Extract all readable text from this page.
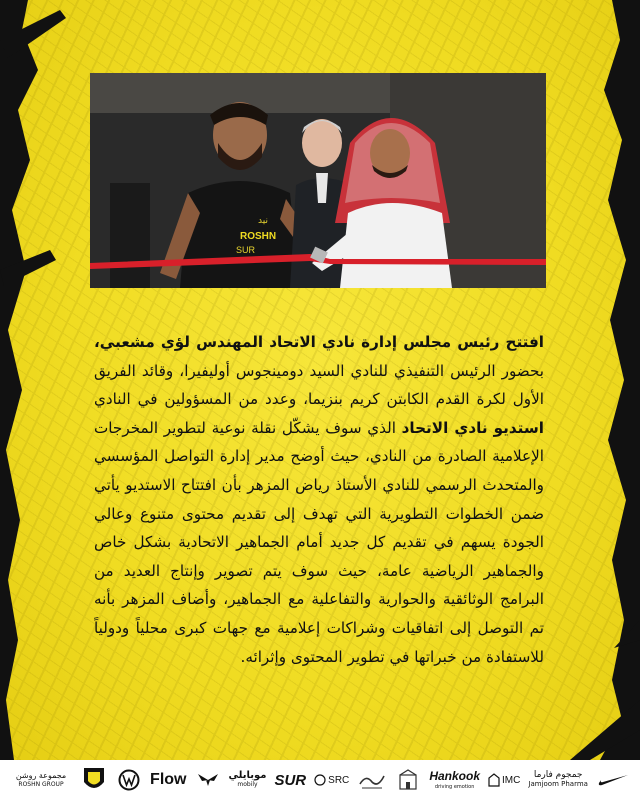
نيد
ROSHN
SUR
افتتح رئيس مجلس إدارة نادي الاتحاد المهندس لؤي مشعبي، بحضور الرئيس التنفيذي للنادي السيد دومينجوس أوليفيرا، وقائد الفريق الأول لكرة القدم الكابتن كريم بنزيما، وعدد من المسؤولين في النادي استديو نادي الاتحاد الذي سوف يشكّل نقلة نوعية لتطوير المخرجات الإعلامية الصادرة من النادي، حيث أوضح مدير إدارة التواصل المؤسسي والمتحدث الرسمي للنادي الأستاذ رياض المزهر بأن افتتاح الاستديو يأتي ضمن الخطوات التطويرية التي تهدف إلى تقديم محتوى متنوع وعالي الجودة يسهم في تقديم كل جديد أمام الجماهير الاتحادية بشكل خاص والجماهير الرياضية عامة، حيث سوف يتم تصوير وإنتاج العديد من البرامج الوثائقية والحوارية والتفاعلية مع الجماهير، وأضاف المزهر بأنه تم التوصل إلى اتفاقيات وشراكات إعلامية مع جهات كبرى محلياً ودولياً للاستفادة من خبراتها في تطوير المحتوى وإثرائه.
مجموعة روشن
ROSHN GROUP	Flow	موبايلي
mobily SUR SRC	Hankook
driving emotion
IMC جمجوم فارما
Jamjoom Pharma
